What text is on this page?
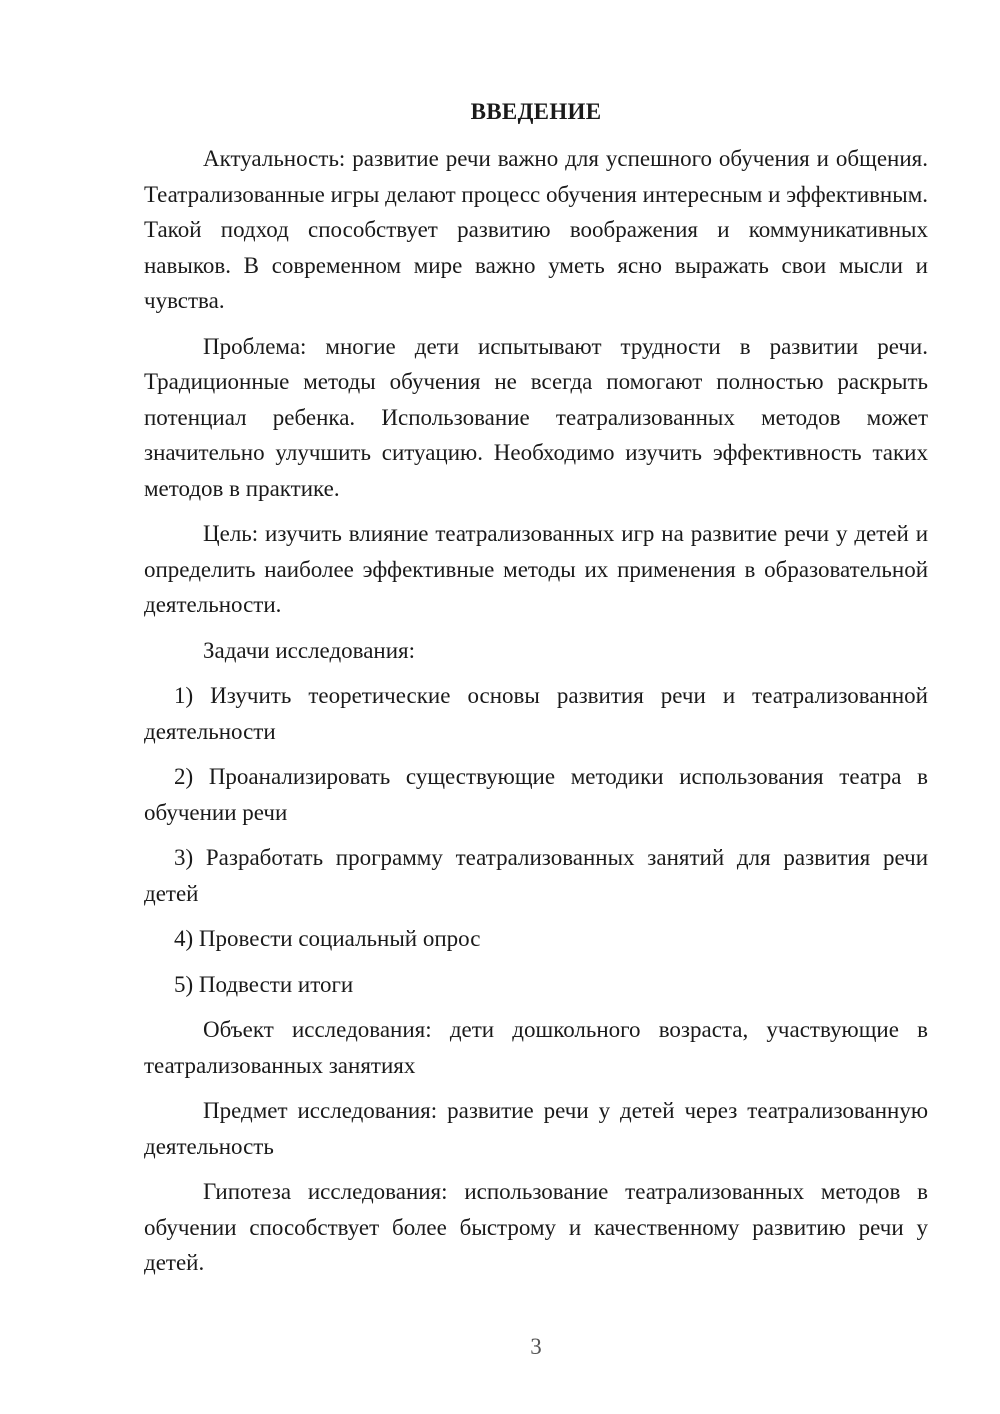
ВВЕДЕНИЕ

Актуальность: развитие речи важно для успешного обучения и общения. Театрализованные игры делают процесс обучения интересным и эффективным. Такой подход способствует развитию воображения и коммуникативных навыков. В современном мире важно уметь ясно выражать свои мысли и чувства.

Проблема: многие дети испытывают трудности в развитии речи. Традиционные методы обучения не всегда помогают полностью раскрыть потенциал ребенка. Использование театрализованных методов может значительно улучшить ситуацию. Необходимо изучить эффективность таких методов в практике.

Цель: изучить влияние театрализованных игр на развитие речи у детей и определить наиболее эффективные методы их применения в образовательной деятельности.

Задачи исследования:

1) Изучить теоретические основы развития речи и театрализованной деятельности

2) Проанализировать существующие методики использования театра в обучении речи

3) Разработать программу театрализованных занятий для развития речи детей

4) Провести социальный опрос

5) Подвести итоги

Объект исследования: дети дошкольного возраста, участвующие в театрализованных занятиях

Предмет исследования: развитие речи у детей через театрализованную деятельность

Гипотеза исследования: использование театрализованных методов в обучении способствует более быстрому и качественному развитию речи у детей.

3
